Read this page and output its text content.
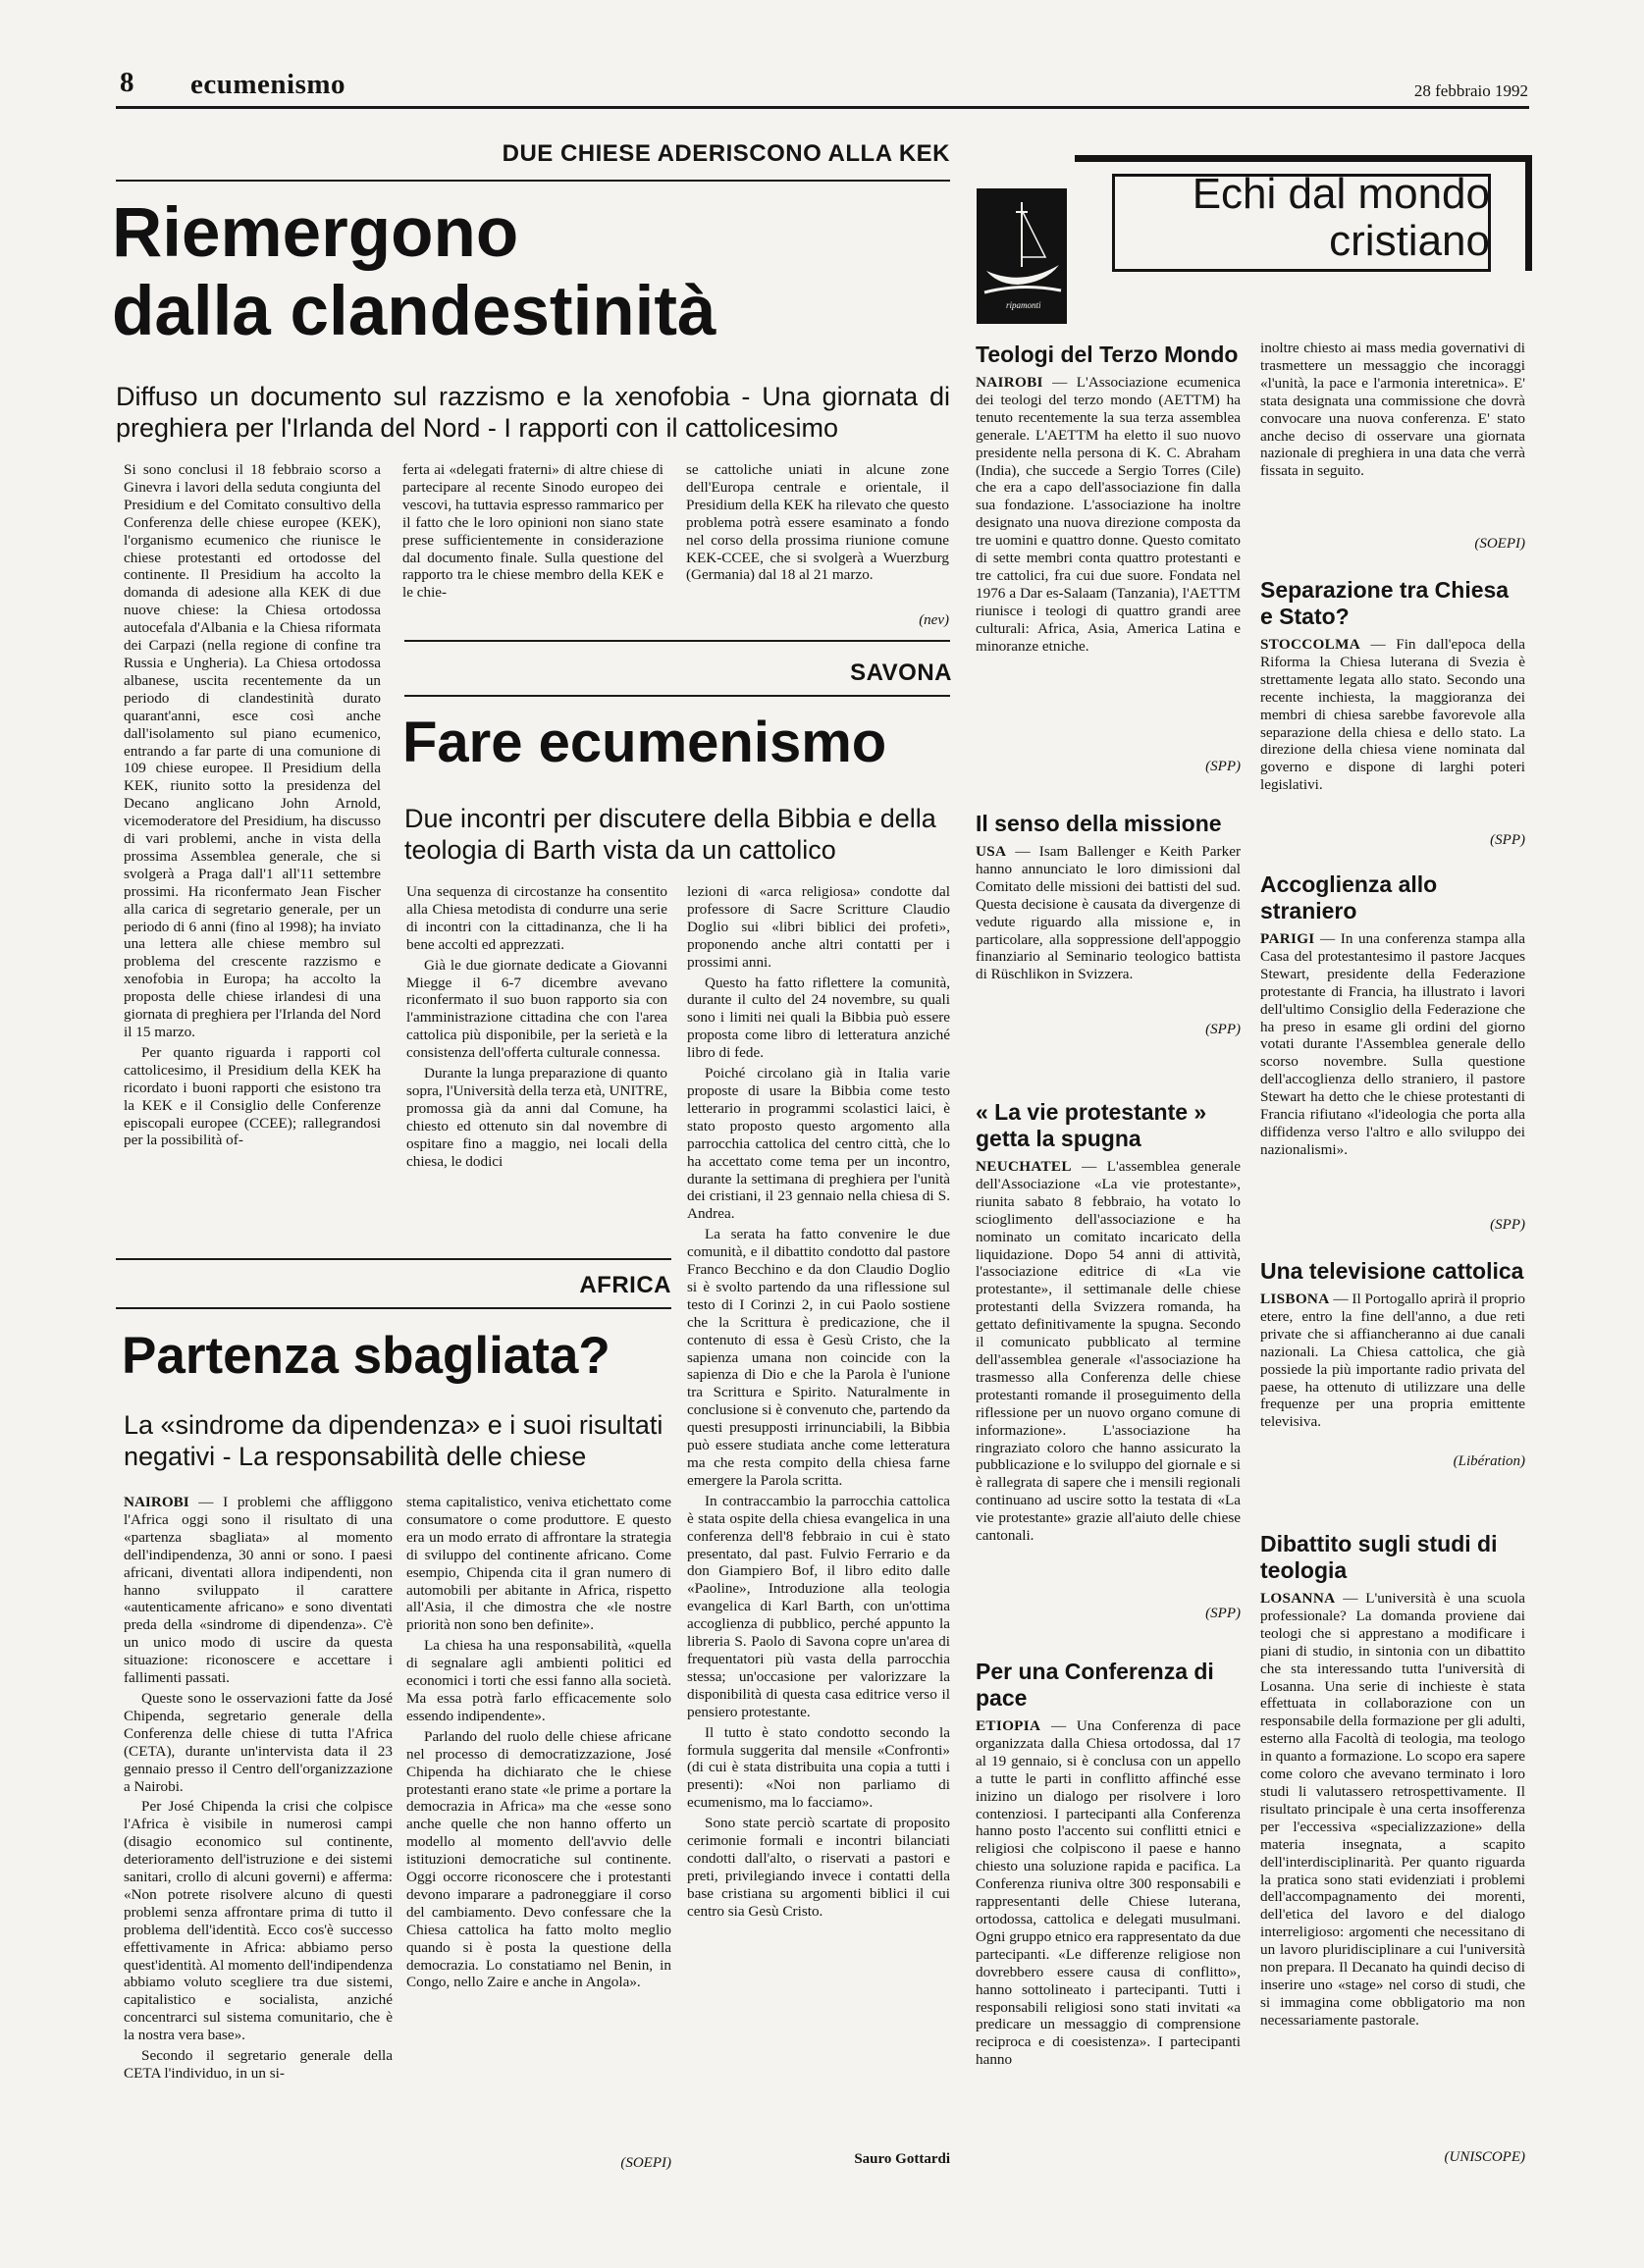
8 ecumenismo	28 febbraio 1992
DUE CHIESE ADERISCONO ALLA KEK
Riemergono
dalla clandestinità
Diffuso un documento sul razzismo e la xenofobia - Una giornata di preghiera per l'Irlanda del Nord - I rapporti con il cattolicesimo

Si sono conclusi il 18 febbraio scorso a Ginevra i lavori della seduta congiunta del Presidium e del Comitato consultivo della Conferenza delle chiese europee (KEK), l'organismo ecumenico che riunisce le chiese protestanti ed ortodosse del continente. Il Presidium ha accolto la domanda di adesione alla KEK di due nuove chiese: la Chiesa ortodossa autocefala d'Albania e la Chiesa riformata dei Carpazi (nella regione di confine tra Russia e Ungheria). La Chiesa ortodossa albanese, uscita recentemente da un periodo di clandestinità durato quarant'anni, esce così anche dall'isolamento sul piano ecumenico, entrando a far parte di una comunione di 109 chiese europee. Il Presidium della KEK, riunito sotto la presidenza del Decano anglicano John Arnold, vicemoderatore del Presidium, ha discusso di vari problemi, anche in vista della prossima Assemblea generale, che si svolgerà a Praga dall'1 all'11 settembre prossimi. Ha riconfermato Jean Fischer alla carica di segretario generale, per un periodo di 6 anni (fino al 1998); ha inviato una lettera alle chiese membro sul problema del crescente razzismo e xenofobia in Europa; ha accolto la proposta delle chiese irlandesi di una giornata di preghiera per l'Irlanda del Nord il 15 marzo.

Per quanto riguarda i rapporti col cattolicesimo, il Presidium della KEK ha ricordato i buoni rapporti che esistono tra la KEK e il Consiglio delle Conferenze episcopali europee (CCEE); rallegrandosi per la possibilità of-

ferta ai «delegati fraterni» di altre chiese di partecipare al recente Sinodo europeo dei vescovi, ha tuttavia espresso rammarico per il fatto che le loro opinioni non siano state prese sufficientemente in considerazione dal documento finale. Sulla questione del rapporto tra le chiese membro della KEK e le chie-

se cattoliche uniati in alcune zone dell'Europa centrale e orientale, il Presidium della KEK ha rilevato che questo problema potrà essere esaminato a fondo nel corso della prossima riunione comune KEK-CCEE, che si svolgerà a Wuerzburg (Germania) dal 18 al 21 marzo.

(nev)
SAVONA
Fare ecumenismo
Due incontri per discutere della Bibbia e della teologia di Barth vista da un cattolico

Una sequenza di circostanze ha consentito alla Chiesa metodista di condurre una serie di incontri con la cittadinanza, che li ha bene accolti ed apprezzati.

Già le due giornate dedicate a Giovanni Miegge il 6-7 dicembre avevano riconfermato il suo buon rapporto sia con l'amministrazione cittadina che con l'area cattolica più disponibile, per la serietà e la consistenza dell'offerta culturale connessa.

Durante la lunga preparazione di quanto sopra, l'Università della terza età, UNITRE, promossa già da anni dal Comune, ha chiesto ed ottenuto sin dal novembre di ospitare fino a maggio, nei locali della chiesa, le dodici

lezioni di «arca religiosa» condotte dal professore di Sacre Scritture Claudio Doglio sui «libri biblici dei profeti», proponendo anche altri contatti per i prossimi anni.

Questo ha fatto riflettere la comunità, durante il culto del 24 novembre, su quali sono i limiti nei quali la Bibbia può essere proposta come libro di letteratura anziché libro di fede.

Poiché circolano già in Italia varie proposte di usare la Bibbia come testo letterario in programmi scolastici laici, è stato proposto questo argomento alla parrocchia cattolica del centro città, che lo ha accettato come tema per un incontro, durante la settimana di preghiera per l'unità dei cristiani, il 23 gennaio nella chiesa di S. Andrea.

La serata ha fatto convenire le due comunità, e il dibattito condotto dal pastore Franco Becchino e da don Claudio Doglio si è svolto partendo da una riflessione sul testo di I Corinzi 2, in cui Paolo sostiene che la Scrittura è predicazione, che il contenuto di essa è Gesù Cristo, che la sapienza umana non coincide con la sapienza di Dio e che la Parola è l'unione tra Scrittura e Spirito. Naturalmente in conclusione si è convenuto che, partendo da questi presupposti irrinunciabili, la Bibbia può essere studiata anche come letteratura ma che resta compito della chiesa farne emergere la Parola scritta.

In contraccambio la parrocchia cattolica è stata ospite della chiesa evangelica in una conferenza dell'8 febbraio in cui è stato presentato, dal past. Fulvio Ferrario e da don Giampiero Bof, il libro edito dalle «Paoline», Introduzione alla teologia evangelica di Karl Barth, con un'ottima accoglienza di pubblico, perché appunto la libreria S. Paolo di Savona copre un'area di frequentatori più vasta della parrocchia stessa; un'occasione per valorizzare la disponibilità di questa casa editrice verso il pensiero protestante.

Il tutto è stato condotto secondo la formula suggerita dal mensile «Confronti» (di cui è stata distribuita una copia a tutti i presenti): «Noi non parliamo di ecumenismo, ma lo facciamo».

Sono state perciò scartate di proposito cerimonie formali e incontri bilanciati condotti dall'alto, o riservati a pastori e preti, privilegiando invece i contatti della base cristiana su argomenti biblici il cui centro sia Gesù Cristo.

Sauro Gottardi
AFRICA
Partenza sbagliata?
La «sindrome da dipendenza» e i suoi risultati negativi - La responsabilità delle chiese

NAIROBI — I problemi che affliggono l'Africa oggi sono il risultato di una «partenza sbagliata» al momento dell'indipendenza, 30 anni or sono. I paesi africani, diventati allora indipendenti, non hanno sviluppato il carattere «autenticamente africano» e sono diventati preda della «sindrome di dipendenza». C'è un unico modo di uscire da questa situazione: riconoscere e accettare i fallimenti passati.

Queste sono le osservazioni fatte da José Chipenda, segretario generale della Conferenza delle chiese di tutta l'Africa (CETA), durante un'intervista data il 23 gennaio presso il Centro dell'organizzazione a Nairobi.

Per José Chipenda la crisi che colpisce l'Africa è visibile in numerosi campi (disagio economico sul continente, deterioramento dell'istruzione e dei sistemi sanitari, crollo di alcuni governi) e afferma: «Non potrete risolvere alcuno di questi problemi senza affrontare prima di tutto il problema dell'identità. Ecco cos'è successo effettivamente in Africa: abbiamo perso quest'identità. Al momento dell'indipendenza abbiamo voluto scegliere tra due sistemi, capitalistico e socialista, anziché concentrarci sul sistema comunitario, che è la nostra vera base».

Secondo il segretario generale della CETA l'individuo, in un si-

stema capitalistico, veniva etichettato come consumatore o come produttore. E questo era un modo errato di affrontare la strategia di sviluppo del continente africano. Come esempio, Chipenda cita il gran numero di automobili per abitante in Africa, rispetto all'Asia, il che dimostra che «le nostre priorità non sono ben definite».

La chiesa ha una responsabilità, «quella di segnalare agli ambienti politici ed economici i torti che essi fanno alla società. Ma essa potrà farlo efficacemente solo essendo indipendente».

Parlando del ruolo delle chiese africane nel processo di democratizzazione, José Chipenda ha dichiarato che le chiese protestanti erano state «le prime a portare la democrazia in Africa» ma che «esse sono anche quelle che non hanno offerto un modello al momento dell'avvio delle istituzioni democratiche sul continente. Oggi occorre riconoscere che i protestanti devono imparare a padroneggiare il corso del cambiamento. Devo confessare che la Chiesa cattolica ha fatto molto meglio quando si è posta la questione della democrazia. Lo constatiamo nel Benin, in Congo, nello Zaire e anche in Angola».

(SOEPI)
ripamonti
Echi dal mondo
cristiano
Teologi del Terzo Mondo

NAIROBI — L'Associazione ecumenica dei teologi del terzo mondo (AETTM) ha tenuto recentemente la sua terza assemblea generale. L'AETTM ha eletto il suo nuovo presidente nella persona di K. C. Abraham (India), che succede a Sergio Torres (Cile) che era a capo dell'associazione fin dalla sua fondazione. L'associazione ha inoltre designato una nuova direzione composta da tre uomini e quattro donne. Questo comitato di sette membri conta quattro protestanti e tre cattolici, fra cui due suore. Fondata nel 1976 a Dar es-Salaam (Tanzania), l'AETTM riunisce i teologi di quattro grandi aree culturali: Africa, Asia, America Latina e minoranze etniche.

(SPP)
Il senso della missione

USA — Isam Ballenger e Keith Parker hanno annunciato le loro dimissioni dal Comitato delle missioni dei battisti del sud. Questa decisione è causata da divergenze di vedute riguardo alla missione e, in particolare, alla soppressione dell'appoggio finanziario al Seminario teologico battista di Rüschlikon in Svizzera.

(SPP)
« La vie protestante » getta la spugna

NEUCHATEL — L'assemblea generale dell'Associazione «La vie protestante», riunita sabato 8 febbraio, ha votato lo scioglimento dell'associazione e ha nominato un comitato incaricato della liquidazione. Dopo 54 anni di attività, l'associazione editrice di «La vie protestante», il settimanale delle chiese protestanti della Svizzera romanda, ha gettato definitivamente la spugna. Secondo il comunicato pubblicato al termine dell'assemblea generale «l'associazione ha trasmesso alla Conferenza delle chiese protestanti romande il proseguimento della riflessione per un nuovo organo comune di informazione». L'associazione ha ringraziato coloro che hanno assicurato la pubblicazione e lo sviluppo del giornale e si è rallegrata di sapere che i mensili regionali continuano ad uscire sotto la testata di «La vie protestante» grazie all'aiuto delle chiese cantonali.

(SPP)
Per una Conferenza di pace

ETIOPIA — Una Conferenza di pace organizzata dalla Chiesa ortodossa, dal 17 al 19 gennaio, si è conclusa con un appello a tutte le parti in conflitto affinché esse inizino un dialogo per risolvere i loro contenziosi. I partecipanti alla Conferenza hanno posto l'accento sui conflitti etnici e religiosi che colpiscono il paese e hanno chiesto una soluzione rapida e pacifica. La Conferenza riuniva oltre 300 responsabili e rappresentanti delle Chiese luterana, ortodossa, cattolica e delegati musulmani. Ogni gruppo etnico era rappresentato da due partecipanti. «Le differenze religiose non dovrebbero essere causa di conflitto», hanno sottolineato i partecipanti. Tutti i responsabili religiosi sono stati invitati «a predicare un messaggio di comprensione reciproca e di coesistenza». I partecipanti hanno

inoltre chiesto ai mass media governativi di trasmettere un messaggio che incoraggi «l'unità, la pace e l'armonia interetnica». E' stata designata una commissione che dovrà convocare una nuova conferenza. E' stato anche deciso di osservare una giornata nazionale di preghiera in una data che verrà fissata in seguito.

(SOEPI)
Separazione tra Chiesa e Stato?

STOCCOLMA — Fin dall'epoca della Riforma la Chiesa luterana di Svezia è strettamente legata allo stato. Secondo una recente inchiesta, la maggioranza dei membri di chiesa sarebbe favorevole alla separazione della chiesa e dello stato. La direzione della chiesa viene nominata dal governo e dispone di larghi poteri legislativi.

(SPP)
Accoglienza allo straniero

PARIGI — In una conferenza stampa alla Casa del protestantesimo il pastore Jacques Stewart, presidente della Federazione protestante di Francia, ha illustrato i lavori dell'ultimo Consiglio della Federazione che ha preso in esame gli ordini del giorno votati durante l'Assemblea generale dello scorso novembre. Sulla questione dell'accoglienza dello straniero, il pastore Stewart ha detto che le chiese protestanti di Francia rifiutano «l'ideologia che porta alla diffidenza verso l'altro e allo sviluppo dei nazionalismi».

(SPP)
Una televisione cattolica

LISBONA — Il Portogallo aprirà il proprio etere, entro la fine dell'anno, a due reti private che si affiancheranno ai due canali nazionali. La Chiesa cattolica, che già possiede la più importante radio privata del paese, ha ottenuto di utilizzare una delle frequenze per una propria emittente televisiva.

(Libération)
Dibattito sugli studi di teologia

LOSANNA — L'università è una scuola professionale? La domanda proviene dai teologi che si apprestano a modificare i piani di studio, in sintonia con un dibattito che sta interessando tutta l'università di Losanna. Una serie di inchieste è stata effettuata in collaborazione con un responsabile della formazione per gli adulti, esterno alla Facoltà di teologia, ma teologo in quanto a formazione. Lo scopo era sapere come coloro che avevano terminato i loro studi li valutassero retrospettivamente. Il risultato principale è una certa insofferenza per l'eccessiva «specializzazione» della materia insegnata, a scapito dell'interdisciplinarità. Per quanto riguarda la pratica sono stati evidenziati i problemi dell'accompagnamento dei morenti, dell'etica del lavoro e del dialogo interreligioso: argomenti che necessitano di un lavoro pluridisciplinare a cui l'università non prepara. Il Decanato ha quindi deciso di inserire uno «stage» nel corso di studi, che si immagina come obbligatorio ma non necessariamente pastorale.

(UNISCOPE)
